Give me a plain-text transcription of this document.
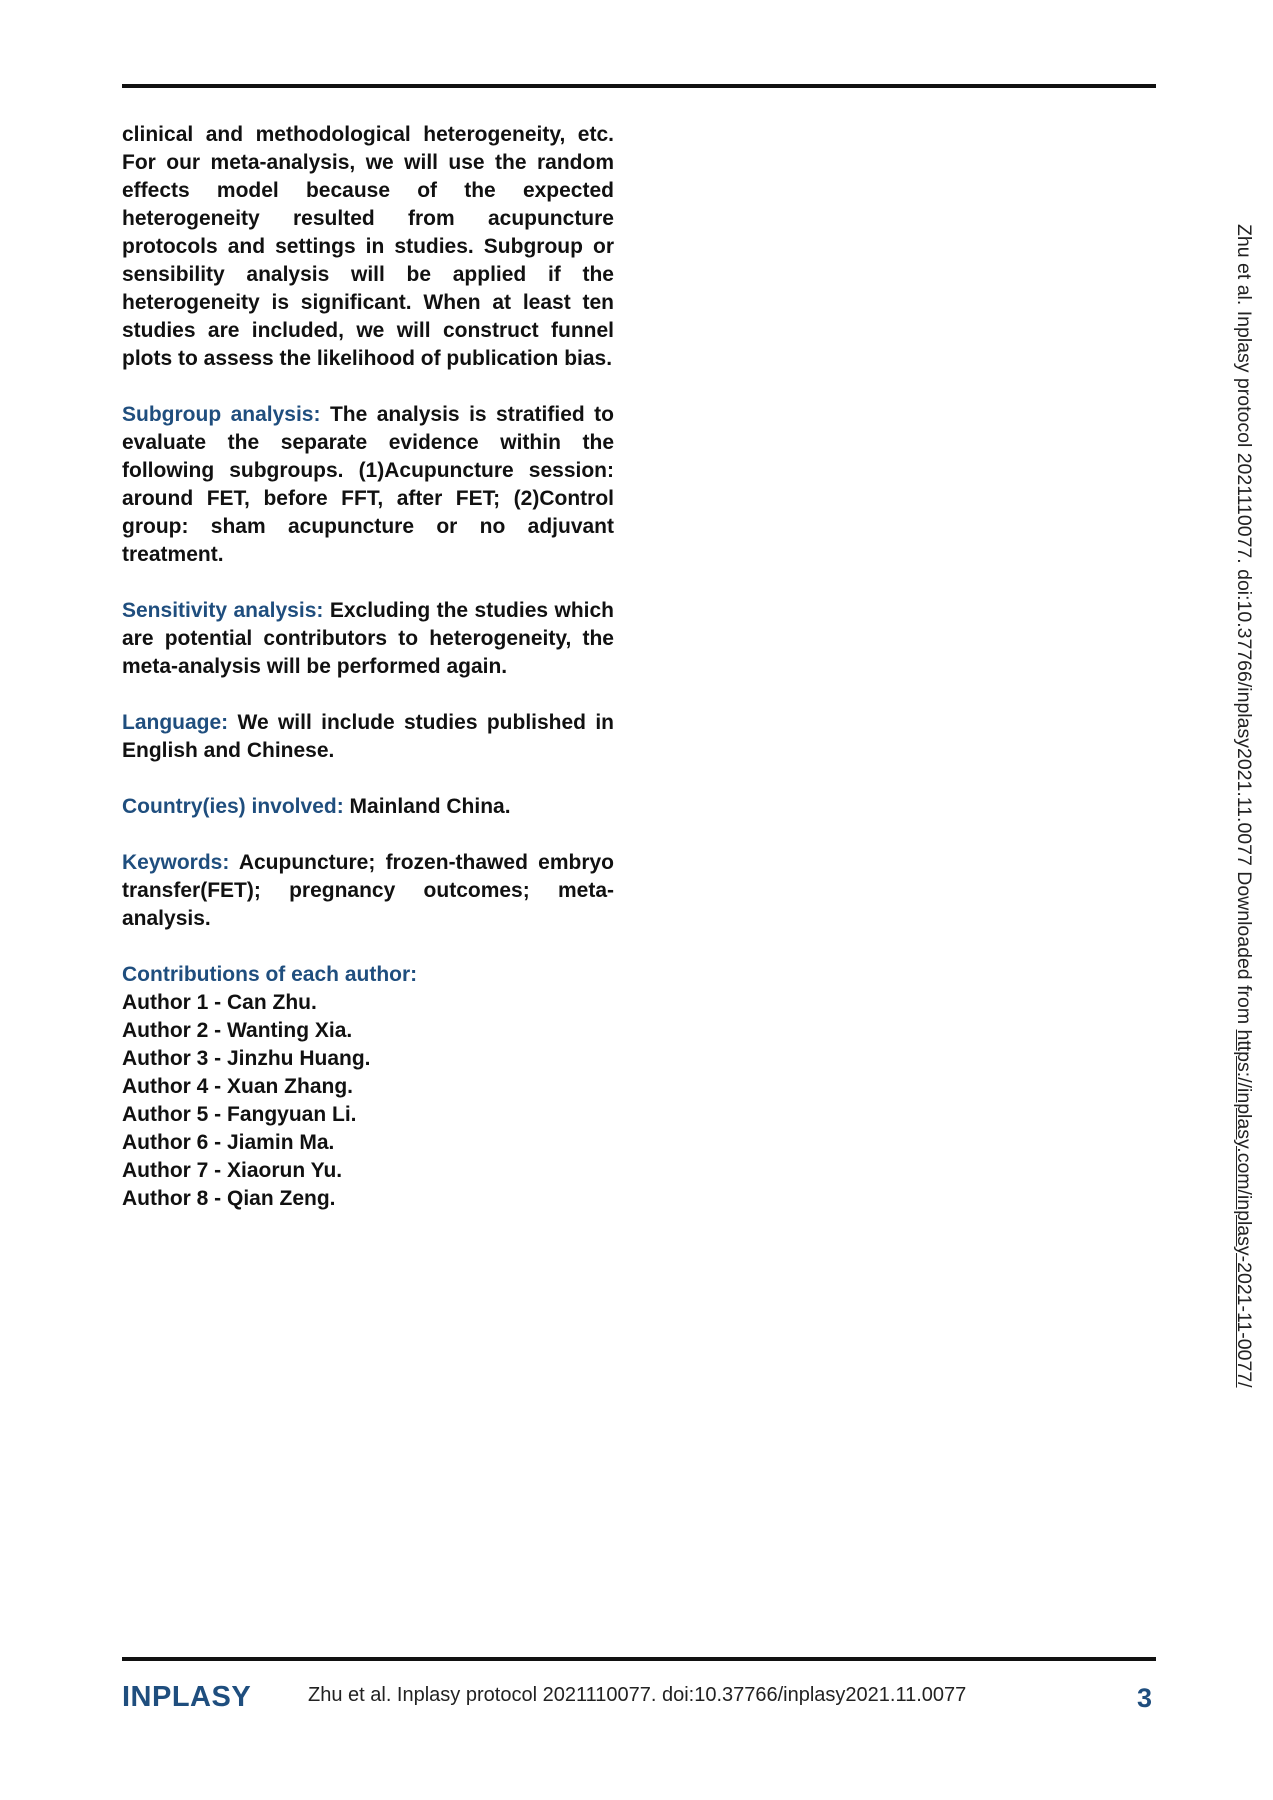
clinical and methodological heterogeneity, etc. For our meta-analysis, we will use the random effects model because of the expected heterogeneity resulted from acupuncture protocols and settings in studies. Subgroup or sensibility analysis will be applied if the heterogeneity is significant. When at least ten studies are included, we will construct funnel plots to assess the likelihood of publication bias.

Subgroup analysis: The analysis is stratified to evaluate the separate evidence within the following subgroups. (1)Acupuncture session: around FET, before FFT, after FET; (2)Control group: sham acupuncture or no adjuvant treatment.

Sensitivity analysis: Excluding the studies which are potential contributors to heterogeneity, the meta-analysis will be performed again.

Language: We will include studies published in English and Chinese.

Country(ies) involved: Mainland China.

Keywords: Acupuncture; frozen-thawed embryo transfer(FET); pregnancy outcomes; meta-analysis.

Contributions of each author:
Author 1 - Can Zhu.
Author 2 - Wanting Xia.
Author 3 - Jinzhu Huang.
Author 4 - Xuan Zhang.
Author 5 - Fangyuan Li.
Author 6 - Jiamin Ma.
Author 7 - Xiaorun Yu.
Author 8 - Qian Zeng.

Zhu et al. Inplasy protocol 2021110077. doi:10.37766/inplasy2021.11.0077 Downloaded from https://inplasy.com/inplasy-2021-11-0077/
INPLASY	Zhu et al. Inplasy protocol 2021110077. doi:10.37766/inplasy2021.11.0077	3
